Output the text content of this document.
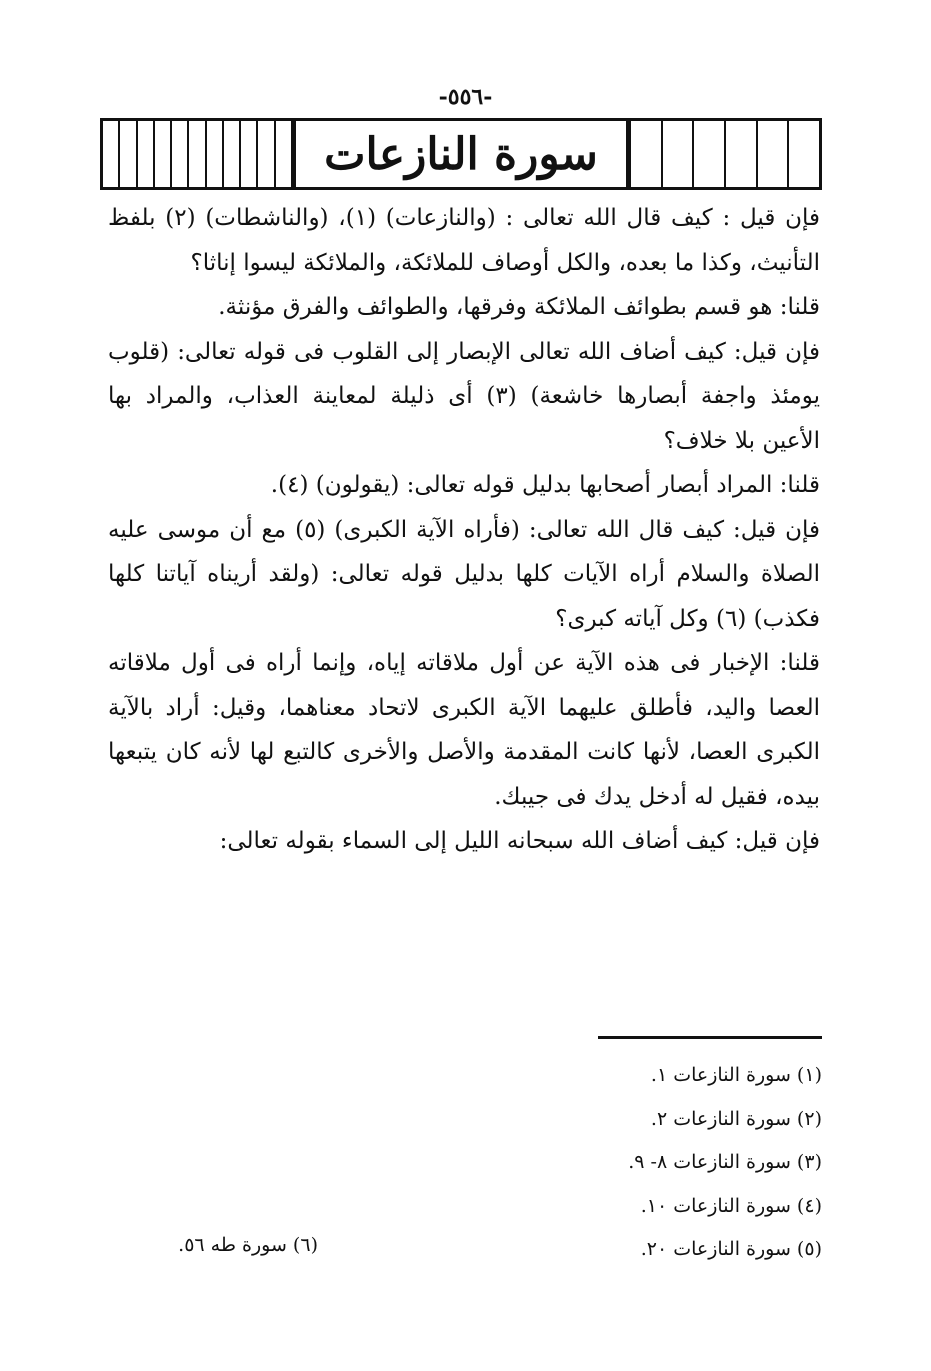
-٥٥٦-
سورة النازعات

فإن قيل : كيف قال الله تعالى : (والنازعات) (١)، (والناشطات) (٢) بلفظ التأنيث، وكذا ما بعده، والكل أوصاف للملائكة، والملائكة ليسوا إناثا؟

قلنا: هو قسم بطوائف الملائكة وفرقها، والطوائف والفرق مؤنثة.

فإن قيل: كيف أضاف الله تعالى الإبصار إلى القلوب فى قوله تعالى: (قلوب يومئذ واجفة أبصارها خاشعة) (٣) أى ذليلة لمعاينة العذاب، والمراد بها الأعين بلا خلاف؟

قلنا: المراد أبصار أصحابها بدليل قوله تعالى: (يقولون) (٤).

فإن قيل: كيف قال الله تعالى: (فأراه الآية الكبرى) (٥) مع أن موسى عليه الصلاة والسلام أراه الآيات كلها بدليل قوله تعالى: (ولقد أريناه آياتنا كلها فكذب) (٦) وكل آياته كبرى؟

قلنا: الإخبار فى هذه الآية عن أول ملاقاته إياه، وإنما أراه فى أول ملاقاته العصا واليد، فأطلق عليهما الآية الكبرى لاتحاد معناهما، وقيل: أراد بالآية الكبرى العصا، لأنها كانت المقدمة والأصل والأخرى كالتبع لها لأنه كان يتبعها بيده، فقيل له أدخل يدك فى جيبك.

فإن قيل: كيف أضاف الله سبحانه الليل إلى السماء بقوله تعالى:

(١) سورة النازعات ١.
(٢) سورة النازعات ٢.
(٣) سورة النازعات ٨- ٩.
(٤) سورة النازعات ١٠.
(٥) سورة النازعات ٢٠.
(٦) سورة طه ٥٦.
